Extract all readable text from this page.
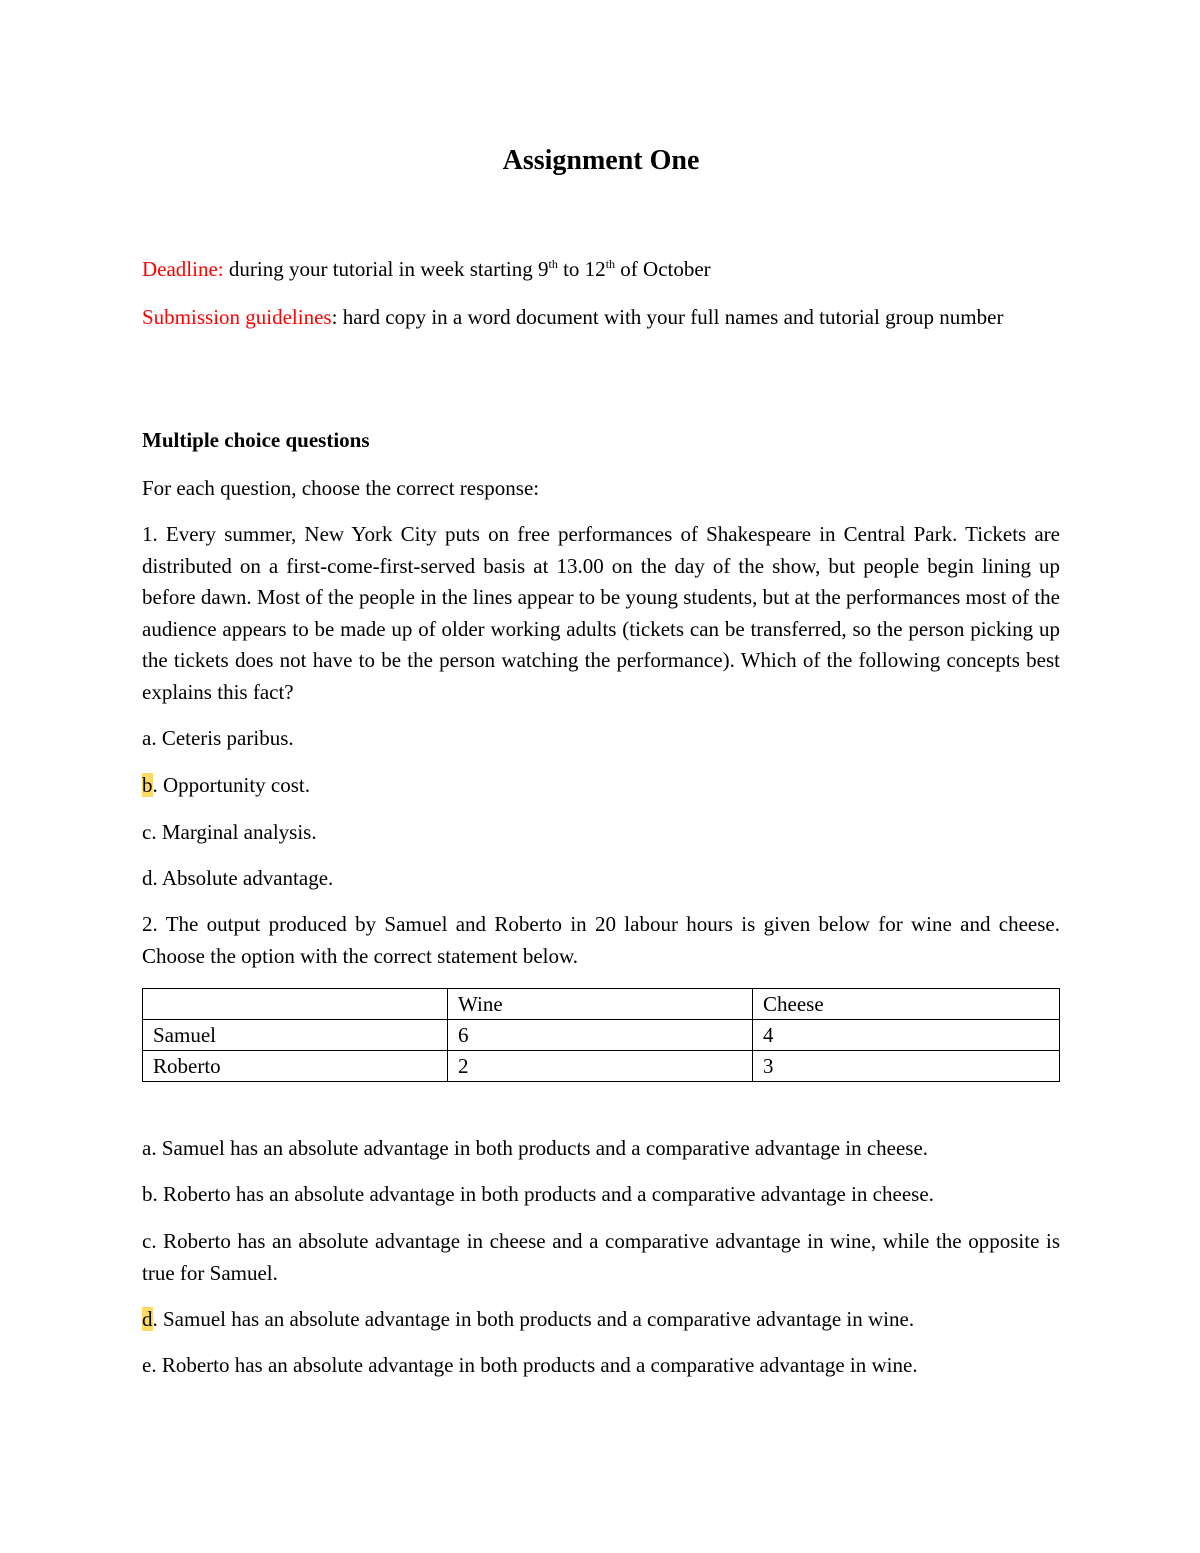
Assignment One

Deadline: during your tutorial in week starting 9th to 12th of October

Submission guidelines: hard copy in a word document with your full names and tutorial group number

Multiple choice questions

For each question, choose the correct response:

1. Every summer, New York City puts on free performances of Shakespeare in Central Park. Tickets are distributed on a first-come-first-served basis at 13.00 on the day of the show, but people begin lining up before dawn. Most of the people in the lines appear to be young students, but at the performances most of the audience appears to be made up of older working adults (tickets can be transferred, so the person picking up the tickets does not have to be the person watching the performance). Which of the following concepts best explains this fact?

a. Ceteris paribus.

b. Opportunity cost.

c. Marginal analysis.

d. Absolute advantage.

2. The output produced by Samuel and Roberto in 20 labour hours is given below for wine and cheese. Choose the option with the correct statement below.

	Wine	Cheese
Samuel	6	4
Roberto	2	3

a. Samuel has an absolute advantage in both products and a comparative advantage in cheese.

b. Roberto has an absolute advantage in both products and a comparative advantage in cheese.

c. Roberto has an absolute advantage in cheese and a comparative advantage in wine, while the opposite is true for Samuel.

d. Samuel has an absolute advantage in both products and a comparative advantage in wine.

e. Roberto has an absolute advantage in both products and a comparative advantage in wine.
